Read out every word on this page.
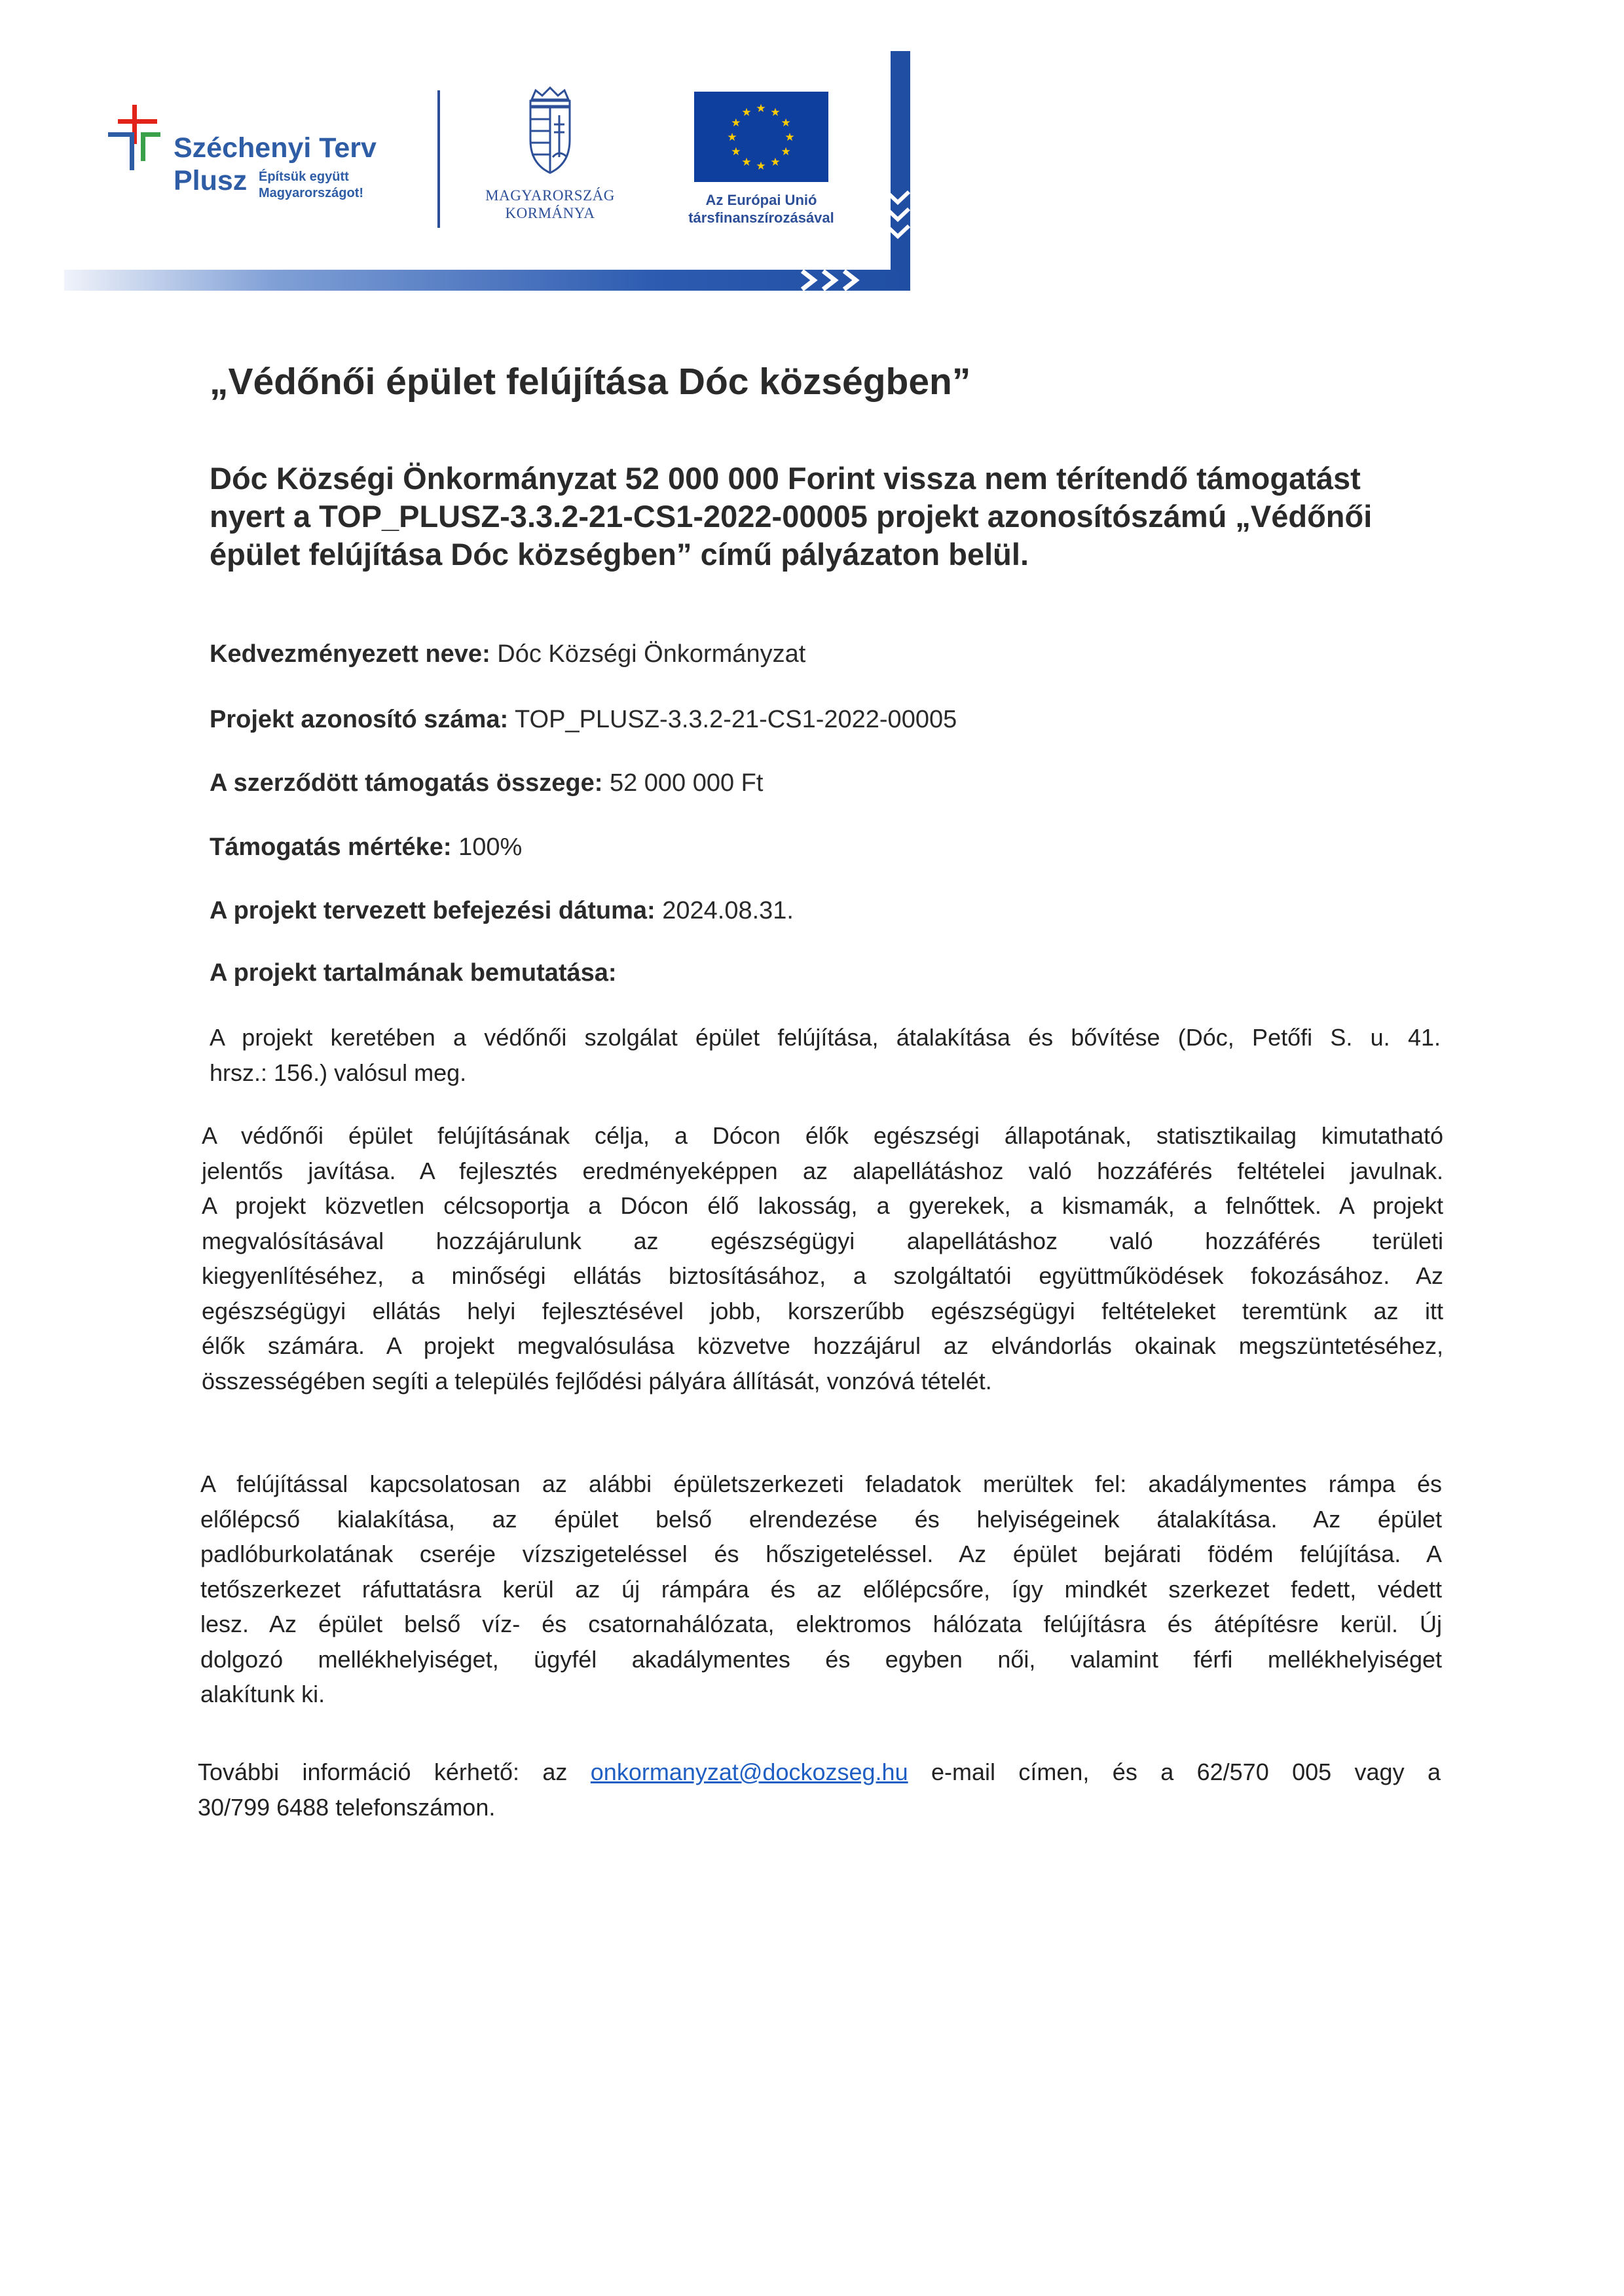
Széchenyi Terv
Plusz Építsük együtt
Magyarországot!	MAGYARORSZÁG
KORMÁNYA
★ ★
★
★
★
★
★
★
★
★
★
★
Az Európai Unió
társfinanszírozásával
„Védőnői épület felújítása Dóc községben”
Dóc Községi Önkormányzat 52 000 000 Forint vissza nem térítendő támogatást
nyert a TOP_PLUSZ-3.3.2-21-CS1-2022-00005 projekt azonosítószámú „Védőnői
épület felújítása Dóc községben” című pályázaton belül.
Kedvezményezett neve: Dóc Községi Önkormányzat
Projekt azonosító száma: TOP_PLUSZ-3.3.2-21-CS1-2022-00005
A szerződött támogatás összege: 52 000 000 Ft
Támogatás mértéke: 100%
A projekt tervezett befejezési dátuma: 2024.08.31.
A projekt tartalmának bemutatása:
A projekt keretében a védőnői szolgálat épület felújítása, átalakítása és bővítése (Dóc, Petőfi S. u. 41.
hrsz.: 156.) valósul meg.
A védőnői épület felújításának célja, a Dócon élők egészségi állapotának, statisztikailag kimutatható
jelentős javítása. A fejlesztés eredményeképpen az alapellátáshoz való hozzáférés feltételei javulnak.
A projekt közvetlen célcsoportja a Dócon élő lakosság, a gyerekek, a kismamák, a felnőttek. A projekt
megvalósításával hozzájárulunk az egészségügyi alapellátáshoz való hozzáférés területi
kiegyenlítéséhez, a minőségi ellátás biztosításához, a szolgáltatói együttműködések fokozásához. Az
egészségügyi ellátás helyi fejlesztésével jobb, korszerűbb egészségügyi feltételeket teremtünk az itt
élők számára. A projekt megvalósulása közvetve hozzájárul az elvándorlás okainak megszüntetéséhez,
összességében segíti a település fejlődési pályára állítását, vonzóvá tételét.
A felújítással kapcsolatosan az alábbi épületszerkezeti feladatok merültek fel: akadálymentes rámpa és
előlépcső kialakítása, az épület belső elrendezése és helyiségeinek átalakítása. Az épület
padlóburkolatának cseréje vízszigeteléssel és hőszigeteléssel. Az épület bejárati födém felújítása. A
tetőszerkezet ráfuttatásra kerül az új rámpára és az előlépcsőre, így mindkét szerkezet fedett, védett
lesz. Az épület belső víz- és csatornahálózata, elektromos hálózata felújításra és átépítésre kerül. Új
dolgozó mellékhelyiséget, ügyfél akadálymentes és egyben női, valamint férfi mellékhelyiséget
alakítunk ki.
További információ kérhető: az onkormanyzat@dockozseg.hu e-mail címen, és a 62/570 005 vagy a
30/799 6488 telefonszámon.
